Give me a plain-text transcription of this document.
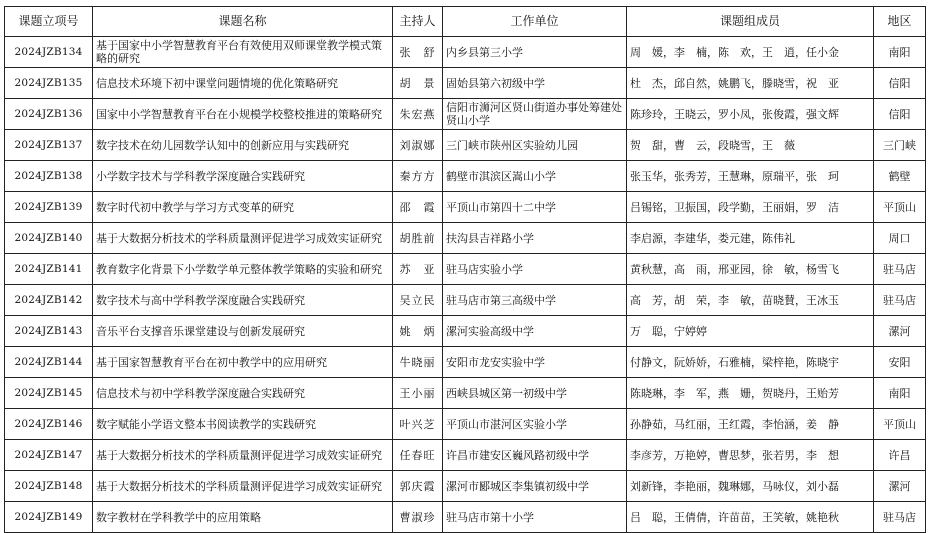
课题立项号	课题名称	主持人	工作单位	课题组成员	地区
2024JZB134	基于国家中小学智慧教育平台有效使用双师课堂教学模式策略的研究	张　舒	内乡县第三小学	周　媛，李　楠，陈　欢，王　逍，任小金	南阳
2024JZB135	信息技术环境下初中课堂问题情境的优化策略研究	胡　景	固始县第六初级中学	杜　杰，邱自然，姚鹏飞，滕晓雪，祝　亚	信阳
2024JZB136	国家中小学智慧教育平台在小规模学校整校推进的策略研究	朱宏燕	信阳市浉河区贤山街道办事处筹建处贤山小学	陈珍玲，王晓云，罗小凤，张俊霞，强文辉	信阳
2024JZB137	数字技术在幼儿园数学认知中的创新应用与实践研究	刘淑娜	三门峡市陕州区实验幼儿园	贺　甜，曹　云，段晓雪，王　薇	三门峡
2024JZB138	小学数字技术与学科教学深度融合实践研究	秦方方	鹤壁市淇滨区嵩山小学	张玉华，张秀芳，王慧琳，原瑞平，张　珂	鹤壁
2024JZB139	数字时代初中教学与学习方式变革的研究	邵　霞	平顶山市第四十二中学	吕锡铭，卫振国，段学勤，王丽娟，罗　洁	平顶山
2024JZB140	基于大数据分析技术的学科质量测评促进学习成效实证研究	胡胜前	扶沟县吉祥路小学	李启源，李建华，娄元建，陈伟礼	周口
2024JZB141	教育数字化背景下小学数学单元整体教学策略的实验和研究	苏　亚	驻马店实验小学	黄秋慧，高　雨，邢亚园，徐　敏，杨雪飞	驻马店
2024JZB142	数字技术与高中学科教学深度融合实践研究	吴立民	驻马店市第三高级中学	高　芳，胡　荣，李　敏，苗晓賛，王冰玉	驻马店
2024JZB143	音乐平台支撑音乐课堂建设与创新发展研究	姚　炳	漯河实验高级中学	万　聪，宁婷婷	漯河
2024JZB144	基于国家智慧教育平台在初中教学中的应用研究	牛晓丽	安阳市龙安实验中学	付静文，阮娇娇，石雅楠，梁梓艳，陈晓宇	安阳
2024JZB145	信息技术与初中学科教学深度融合实践研究	王小丽	西峡县城区第一初级中学	陈晓琳，李　军，燕　姗，贺晓丹，王贻芳	南阳
2024JZB146	数字赋能小学语文整本书阅读教学的实践研究	叶兴芝	平顶山市湛河区实验小学	孙静茹，马红丽，王红霞，李怡涵，姜　静	平顶山
2024JZB147	基于大数据分析技术的学科质量测评促进学习成效实证研究	任春旺	许昌市建安区巍风路初级中学	李彦芳，万艳婷，曹思梦，张若男，李　想	许昌
2024JZB148	基于大数据分析技术的学科质量测评促进学习成效实证研究	郭庆霞	漯河市郾城区李集镇初级中学	刘新锋，李艳丽，魏琳娜，马咏仪，刘小磊	漯河
2024JZB149	数字教材在学科教学中的应用策略	曹淑珍	驻马店市第十小学	吕　聪，王倩倩，许苗苗，王笑敏，姚艳秋	驻马店
